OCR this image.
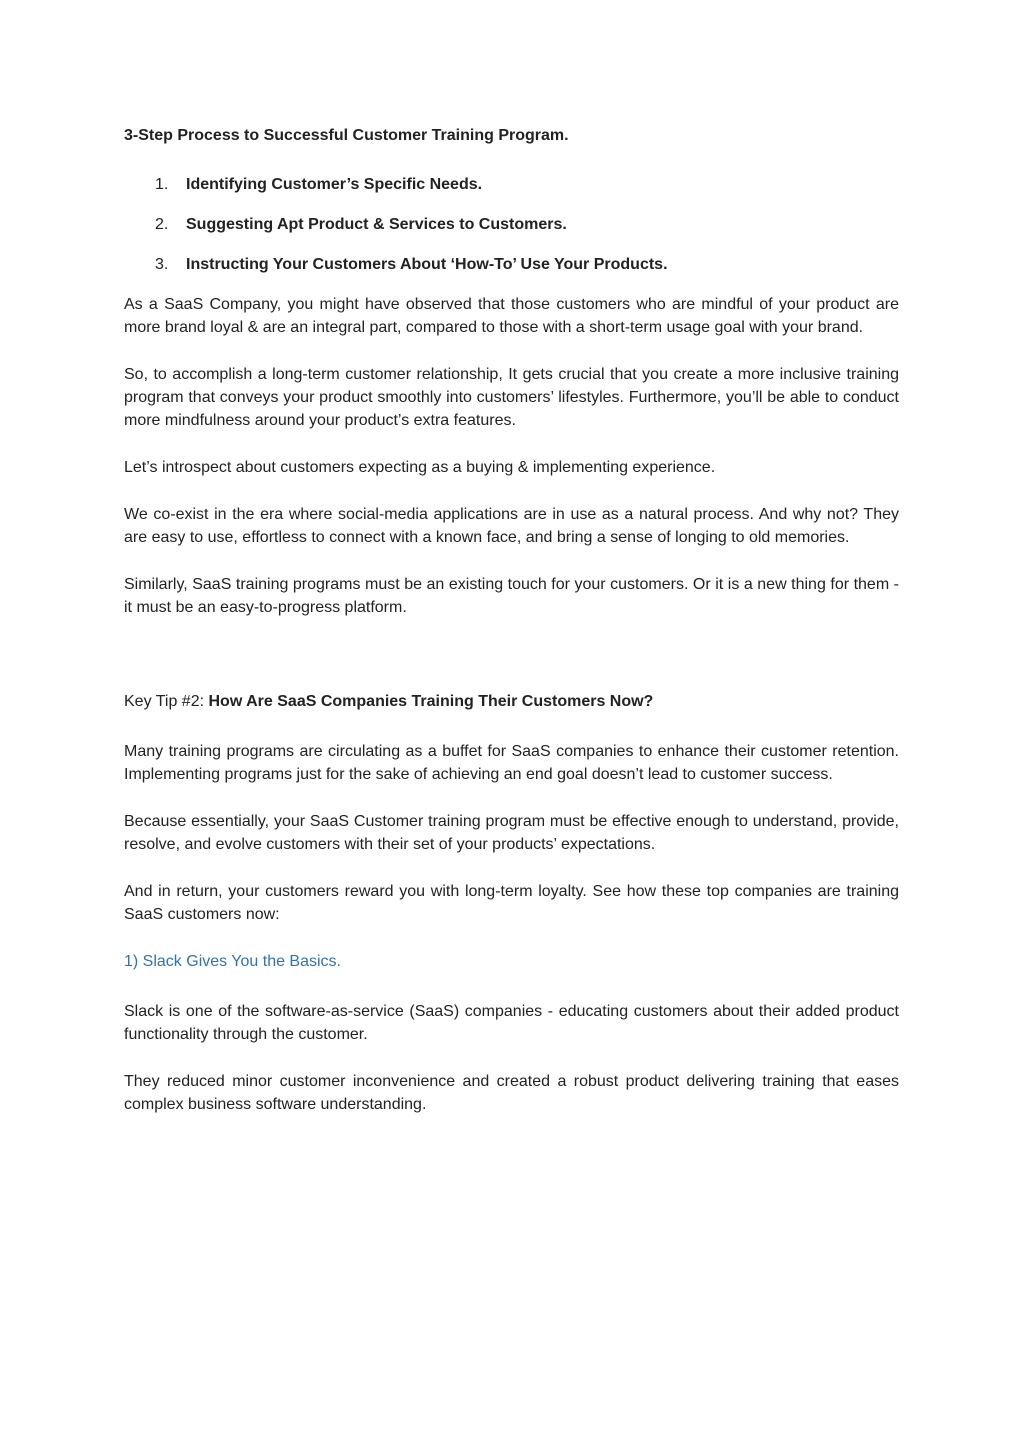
3-Step Process to Successful Customer Training Program.

1. Identifying Customer’s Specific Needs.
2. Suggesting Apt Product & Services to Customers.
3. Instructing Your Customers About ‘How-To’ Use Your Products.

As a SaaS Company, you might have observed that those customers who are mindful of your product are more brand loyal & are an integral part, compared to those with a short-term usage goal with your brand.

So, to accomplish a long-term customer relationship, It gets crucial that you create a more inclusive training program that conveys your product smoothly into customers’ lifestyles. Furthermore, you’ll be able to conduct more mindfulness around your product’s extra features.

Let’s introspect about customers expecting as a buying & implementing experience.

We co-exist in the era where social-media applications are in use as a natural process. And why not? They are easy to use, effortless to connect with a known face, and bring a sense of longing to old memories.

Similarly, SaaS training programs must be an existing touch for your customers. Or it is a new thing for them - it must be an easy-to-progress platform.

Key Tip #2: How Are SaaS Companies Training Their Customers Now?

Many training programs are circulating as a buffet for SaaS companies to enhance their customer retention. Implementing programs just for the sake of achieving an end goal doesn’t lead to customer success.

Because essentially, your SaaS Customer training program must be effective enough to understand, provide, resolve, and evolve customers with their set of your products’ expectations.

And in return, your customers reward you with long-term loyalty. See how these top companies are training SaaS customers now:

1) Slack Gives You the Basics.

Slack is one of the software-as-service (SaaS) companies - educating customers about their added product functionality through the customer.

They reduced minor customer inconvenience and created a robust product delivering training that eases complex business software understanding.
